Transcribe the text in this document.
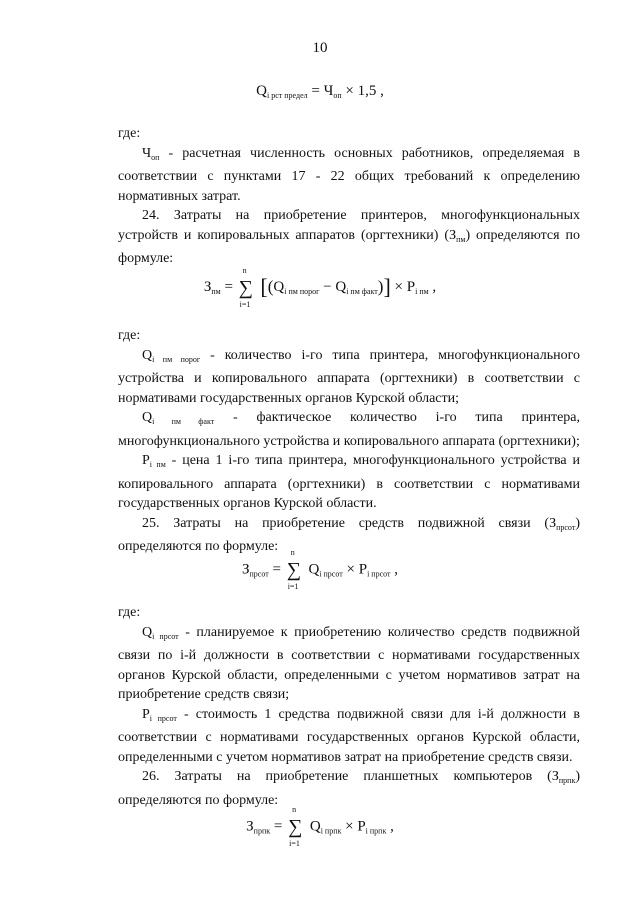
10
$Q_{i рст предел} = Ч_{оп} \times 1,5$ ,

где:

$Ч_{оп}$ - расчетная численность основных работников, определяемая в соответствии с пунктами 17 - 22 общих требований к определению нормативных затрат.

24. Затраты на приобретение принтеров, многофункциональных устройств и копировальных аппаратов (оргтехники) $(З_{пм})$ определяются по формуле:

$З_{пм}$ =
n
∑
i=1
$[(Q_{i пм порог} - Q_{i пм факт})] \times P_{i пм}$ ,

где:

$Q_{i пм порог}$ - количество i-го типа принтера, многофункционального устройства и копировального аппарата (оргтехники) в соответствии с нормативами государственных органов Курской области;

$Q_{i пм факт}$ - фактическое количество i-го типа принтера, многофункционального устройства и копировального аппарата (оргтехники);

$P_{i пм}$ - цена 1 i-го типа принтера, многофункционального устройства и копировального аппарата (оргтехники) в соответствии с нормативами государственных органов Курской области.

25. Затраты на приобретение средств подвижной связи $(З_{прсот})$ определяются по формуле:

$З_{прсот}$ =
n
∑
i=1
$Q_{i прсот} \times P_{i прсот}$ ,

где:

$Q_{i прсот}$ - планируемое к приобретению количество средств подвижной связи по i-й должности в соответствии с нормативами государственных органов Курской области, определенными с учетом нормативов затрат на приобретение средств связи;

$P_{i прсот}$ - стоимость 1 средства подвижной связи для i-й должности в соответствии с нормативами государственных органов Курской области, определенными с учетом нормативов затрат на приобретение средств связи.

26. Затраты на приобретение планшетных компьютеров $(З_{прпк})$ определяются по формуле:

$З_{прпк}$ =
n
∑
i=1
$Q_{i прпк} \times P_{i прпк}$ ,
